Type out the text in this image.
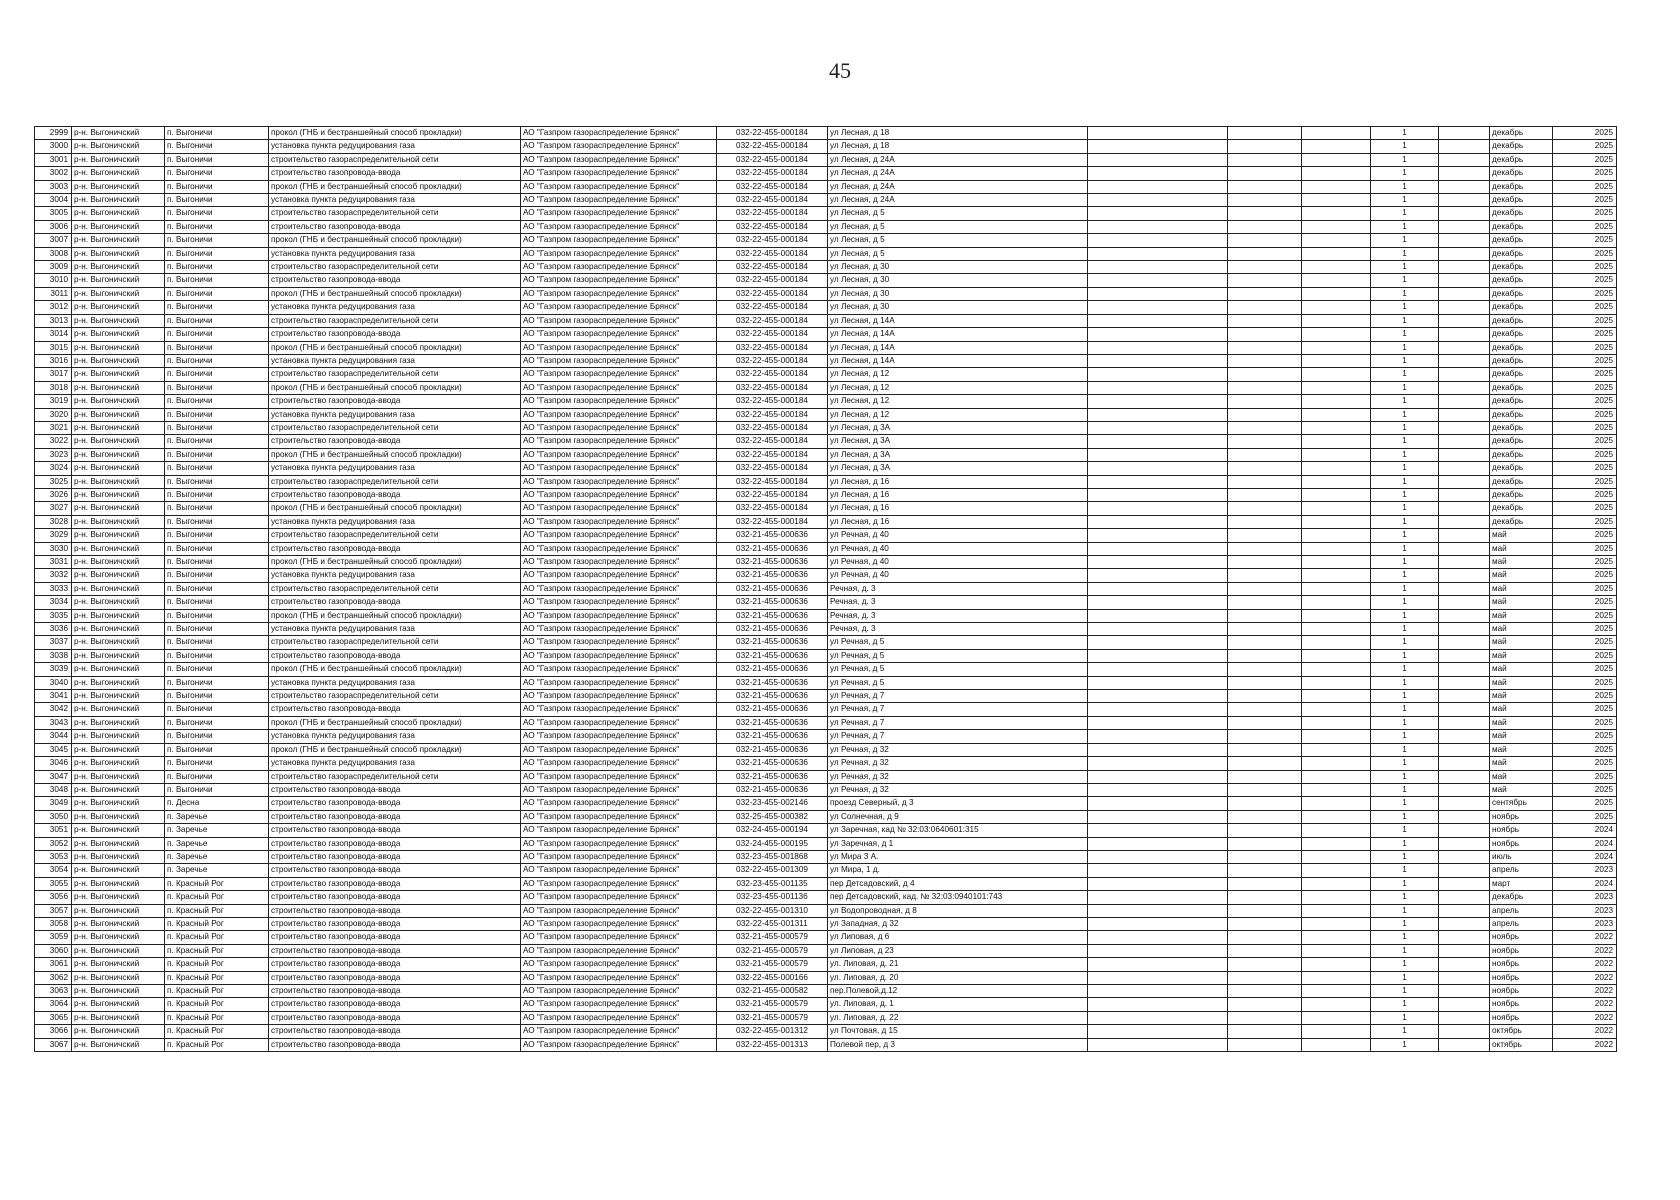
45
2999	р-н. Выгоничский	п. Выгоничи	прокол (ГНБ и бестраншейный способ прокладки)	АО "Газпром газораспределение Брянск"	032-22-455-000184	ул Лесная, д 18				1		декабрь	2025
3000	р-н. Выгоничский	п. Выгоничи	установка пункта редуцирования газа	АО "Газпром газораспределение Брянск"	032-22-455-000184	ул Лесная, д 18				1		декабрь	2025
3001	р-н. Выгоничский	п. Выгоничи	строительство газораспределительной сети	АО "Газпром газораспределение Брянск"	032-22-455-000184	ул Лесная, д 24А				1		декабрь	2025
3002	р-н. Выгоничский	п. Выгоничи	строительство газопровода-ввода	АО "Газпром газораспределение Брянск"	032-22-455-000184	ул Лесная, д 24А				1		декабрь	2025
3003	р-н. Выгоничский	п. Выгоничи	прокол (ГНБ и бестраншейный способ прокладки)	АО "Газпром газораспределение Брянск"	032-22-455-000184	ул Лесная, д 24А				1		декабрь	2025
3004	р-н. Выгоничский	п. Выгоничи	установка пункта редуцирования газа	АО "Газпром газораспределение Брянск"	032-22-455-000184	ул Лесная, д 24А				1		декабрь	2025
3005	р-н. Выгоничский	п. Выгоничи	строительство газораспределительной сети	АО "Газпром газораспределение Брянск"	032-22-455-000184	ул Лесная, д 5				1		декабрь	2025
3006	р-н. Выгоничский	п. Выгоничи	строительство газопровода-ввода	АО "Газпром газораспределение Брянск"	032-22-455-000184	ул Лесная, д 5				1		декабрь	2025
3007	р-н. Выгоничский	п. Выгоничи	прокол (ГНБ и бестраншейный способ прокладки)	АО "Газпром газораспределение Брянск"	032-22-455-000184	ул Лесная, д 5				1		декабрь	2025
3008	р-н. Выгоничский	п. Выгоничи	установка пункта редуцирования газа	АО "Газпром газораспределение Брянск"	032-22-455-000184	ул Лесная, д 5				1		декабрь	2025
3009	р-н. Выгоничский	п. Выгоничи	строительство газораспределительной сети	АО "Газпром газораспределение Брянск"	032-22-455-000184	ул Лесная, д 30				1		декабрь	2025
3010	р-н. Выгоничский	п. Выгоничи	строительство газопровода-ввода	АО "Газпром газораспределение Брянск"	032-22-455-000184	ул Лесная, д 30				1		декабрь	2025
3011	р-н. Выгоничский	п. Выгоничи	прокол (ГНБ и бестраншейный способ прокладки)	АО "Газпром газораспределение Брянск"	032-22-455-000184	ул Лесная, д 30				1		декабрь	2025
3012	р-н. Выгоничский	п. Выгоничи	установка пункта редуцирования газа	АО "Газпром газораспределение Брянск"	032-22-455-000184	ул Лесная, д 30				1		декабрь	2025
3013	р-н. Выгоничский	п. Выгоничи	строительство газораспределительной сети	АО "Газпром газораспределение Брянск"	032-22-455-000184	ул Лесная, д 14А				1		декабрь	2025
3014	р-н. Выгоничский	п. Выгоничи	строительство газопровода-ввода	АО "Газпром газораспределение Брянск"	032-22-455-000184	ул Лесная, д 14А				1		декабрь	2025
3015	р-н. Выгоничский	п. Выгоничи	прокол (ГНБ и бестраншейный способ прокладки)	АО "Газпром газораспределение Брянск"	032-22-455-000184	ул Лесная, д 14А				1		декабрь	2025
3016	р-н. Выгоничский	п. Выгоничи	установка пункта редуцирования газа	АО "Газпром газораспределение Брянск"	032-22-455-000184	ул Лесная, д 14А				1		декабрь	2025
3017	р-н. Выгоничский	п. Выгоничи	строительство газораспределительной сети	АО "Газпром газораспределение Брянск"	032-22-455-000184	ул Лесная, д 12				1		декабрь	2025
3018	р-н. Выгоничский	п. Выгоничи	прокол (ГНБ и бестраншейный способ прокладки)	АО "Газпром газораспределение Брянск"	032-22-455-000184	ул Лесная, д 12				1		декабрь	2025
3019	р-н. Выгоничский	п. Выгоничи	строительство газопровода-ввода	АО "Газпром газораспределение Брянск"	032-22-455-000184	ул Лесная, д 12				1		декабрь	2025
3020	р-н. Выгоничский	п. Выгоничи	установка пункта редуцирования газа	АО "Газпром газораспределение Брянск"	032-22-455-000184	ул Лесная, д 12				1		декабрь	2025
3021	р-н. Выгоничский	п. Выгоничи	строительство газораспределительной сети	АО "Газпром газораспределение Брянск"	032-22-455-000184	ул Лесная, д 3А				1		декабрь	2025
3022	р-н. Выгоничский	п. Выгоничи	строительство газопровода-ввода	АО "Газпром газораспределение Брянск"	032-22-455-000184	ул Лесная, д 3А				1		декабрь	2025
3023	р-н. Выгоничский	п. Выгоничи	прокол (ГНБ и бестраншейный способ прокладки)	АО "Газпром газораспределение Брянск"	032-22-455-000184	ул Лесная, д 3А				1		декабрь	2025
3024	р-н. Выгоничский	п. Выгоничи	установка пункта редуцирования газа	АО "Газпром газораспределение Брянск"	032-22-455-000184	ул Лесная, д 3А				1		декабрь	2025
3025	р-н. Выгоничский	п. Выгоничи	строительство газораспределительной сети	АО "Газпром газораспределение Брянск"	032-22-455-000184	ул Лесная, д 16				1		декабрь	2025
3026	р-н. Выгоничский	п. Выгоничи	строительство газопровода-ввода	АО "Газпром газораспределение Брянск"	032-22-455-000184	ул Лесная, д 16				1		декабрь	2025
3027	р-н. Выгоничский	п. Выгоничи	прокол (ГНБ и бестраншейный способ прокладки)	АО "Газпром газораспределение Брянск"	032-22-455-000184	ул Лесная, д 16				1		декабрь	2025
3028	р-н. Выгоничский	п. Выгоничи	установка пункта редуцирования газа	АО "Газпром газораспределение Брянск"	032-22-455-000184	ул Лесная, д 16				1		декабрь	2025
3029	р-н. Выгоничский	п. Выгоничи	строительство газораспределительной сети	АО "Газпром газораспределение Брянск"	032-21-455-000636	ул Речная, д 40				1		май	2025
3030	р-н. Выгоничский	п. Выгоничи	строительство газопровода-ввода	АО "Газпром газораспределение Брянск"	032-21-455-000636	ул Речная, д 40				1		май	2025
3031	р-н. Выгоничский	п. Выгоничи	прокол (ГНБ и бестраншейный способ прокладки)	АО "Газпром газораспределение Брянск"	032-21-455-000636	ул Речная, д 40				1		май	2025
3032	р-н. Выгоничский	п. Выгоничи	установка пункта редуцирования газа	АО "Газпром газораспределение Брянск"	032-21-455-000636	ул Речная, д 40				1		май	2025
3033	р-н. Выгоничский	п. Выгоничи	строительство газораспределительной сети	АО "Газпром газораспределение Брянск"	032-21-455-000636	Речная, д. 3				1		май	2025
3034	р-н. Выгоничский	п. Выгоничи	строительство газопровода-ввода	АО "Газпром газораспределение Брянск"	032-21-455-000636	Речная, д. 3				1		май	2025
3035	р-н. Выгоничский	п. Выгоничи	прокол (ГНБ и бестраншейный способ прокладки)	АО "Газпром газораспределение Брянск"	032-21-455-000636	Речная, д. 3				1		май	2025
3036	р-н. Выгоничский	п. Выгоничи	установка пункта редуцирования газа	АО "Газпром газораспределение Брянск"	032-21-455-000636	Речная, д. 3				1		май	2025
3037	р-н. Выгоничский	п. Выгоничи	строительство газораспределительной сети	АО "Газпром газораспределение Брянск"	032-21-455-000636	ул Речная, д 5				1		май	2025
3038	р-н. Выгоничский	п. Выгоничи	строительство газопровода-ввода	АО "Газпром газораспределение Брянск"	032-21-455-000636	ул Речная, д 5				1		май	2025
3039	р-н. Выгоничский	п. Выгоничи	прокол (ГНБ и бестраншейный способ прокладки)	АО "Газпром газораспределение Брянск"	032-21-455-000636	ул Речная, д 5				1		май	2025
3040	р-н. Выгоничский	п. Выгоничи	установка пункта редуцирования газа	АО "Газпром газораспределение Брянск"	032-21-455-000636	ул Речная, д 5				1		май	2025
3041	р-н. Выгоничский	п. Выгоничи	строительство газораспределительной сети	АО "Газпром газораспределение Брянск"	032-21-455-000636	ул Речная, д 7				1		май	2025
3042	р-н. Выгоничский	п. Выгоничи	строительство газопровода-ввода	АО "Газпром газораспределение Брянск"	032-21-455-000636	ул Речная, д 7				1		май	2025
3043	р-н. Выгоничский	п. Выгоничи	прокол (ГНБ и бестраншейный способ прокладки)	АО "Газпром газораспределение Брянск"	032-21-455-000636	ул Речная, д 7				1		май	2025
3044	р-н. Выгоничский	п. Выгоничи	установка пункта редуцирования газа	АО "Газпром газораспределение Брянск"	032-21-455-000636	ул Речная, д 7				1		май	2025
3045	р-н. Выгоничский	п. Выгоничи	прокол (ГНБ и бестраншейный способ прокладки)	АО "Газпром газораспределение Брянск"	032-21-455-000636	ул Речная, д 32				1		май	2025
3046	р-н. Выгоничский	п. Выгоничи	установка пункта редуцирования газа	АО "Газпром газораспределение Брянск"	032-21-455-000636	ул Речная, д 32				1		май	2025
3047	р-н. Выгоничский	п. Выгоничи	строительство газораспределительной сети	АО "Газпром газораспределение Брянск"	032-21-455-000636	ул Речная, д 32				1		май	2025
3048	р-н. Выгоничский	п. Выгоничи	строительство газопровода-ввода	АО "Газпром газораспределение Брянск"	032-21-455-000636	ул Речная, д 32				1		май	2025
3049	р-н. Выгоничский	п. Десна	строительство газопровода-ввода	АО "Газпром газораспределение Брянск"	032-23-455-002146	проезд Северный, д 3				1		сентябрь	2025
3050	р-н. Выгоничский	п. Заречье	строительство газопровода-ввода	АО "Газпром газораспределение Брянск"	032-25-455-000382	ул Солнечная, д 9				1		ноябрь	2025
3051	р-н. Выгоничский	п. Заречье	строительство газопровода-ввода	АО "Газпром газораспределение Брянск"	032-24-455-000194	ул Заречная, кад № 32:03:0640601:315				1		ноябрь	2024
3052	р-н. Выгоничский	п. Заречье	строительство газопровода-ввода	АО "Газпром газораспределение Брянск"	032-24-455-000195	ул Заречная, д 1				1		ноябрь	2024
3053	р-н. Выгоничский	п. Заречье	строительство газопровода-ввода	АО "Газпром газораспределение Брянск"	032-23-455-001868	ул Мира 3 А.				1		июль	2024
3054	р-н. Выгоничский	п. Заречье	строительство газопровода-ввода	АО "Газпром газораспределение Брянск"	032-22-455-001309	ул Мира, 1 д.				1		апрель	2023
3055	р-н. Выгоничский	п. Красный Рог	строительство газопровода-ввода	АО "Газпром газораспределение Брянск"	032-23-455-001135	пер Детсадовский, д 4				1		март	2024
3056	р-н. Выгоничский	п. Красный Рог	строительство газопровода-ввода	АО "Газпром газораспределение Брянск"	032-23-455-001136	пер Детсадовский, кад. № 32:03:0940101:743				1		декабрь	2023
3057	р-н. Выгоничский	п. Красный Рог	строительство газопровода-ввода	АО "Газпром газораспределение Брянск"	032-22-455-001310	ул Водопроводная, д 8				1		апрель	2023
3058	р-н. Выгоничский	п. Красный Рог	строительство газопровода-ввода	АО "Газпром газораспределение Брянск"	032-22-455-001311	ул Западная, д 32				1		апрель	2023
3059	р-н. Выгоничский	п. Красный Рог	строительство газопровода-ввода	АО "Газпром газораспределение Брянск"	032-21-455-000579	ул Липовая, д 6				1		ноябрь	2022
3060	р-н. Выгоничский	п. Красный Рог	строительство газопровода-ввода	АО "Газпром газораспределение Брянск"	032-21-455-000579	ул Липовая, д 23				1		ноябрь	2022
3061	р-н. Выгоничский	п. Красный Рог	строительство газопровода-ввода	АО "Газпром газораспределение Брянск"	032-21-455-000579	ул. Липовая, д. 21				1		ноябрь	2022
3062	р-н. Выгоничский	п. Красный Рог	строительство газопровода-ввода	АО "Газпром газораспределение Брянск"	032-22-455-000166	ул. Липовая, д. 20				1		ноябрь	2022
3063	р-н. Выгоничский	п. Красный Рог	строительство газопровода-ввода	АО "Газпром газораспределение Брянск"	032-21-455-000582	пер.Полевой,д.12				1		ноябрь	2022
3064	р-н. Выгоничский	п. Красный Рог	строительство газопровода-ввода	АО "Газпром газораспределение Брянск"	032-21-455-000579	ул. Липовая, д. 1				1		ноябрь	2022
3065	р-н. Выгоничский	п. Красный Рог	строительство газопровода-ввода	АО "Газпром газораспределение Брянск"	032-21-455-000579	ул. Липовая, д. 22				1		ноябрь	2022
3066	р-н. Выгоничский	п. Красный Рог	строительство газопровода-ввода	АО "Газпром газораспределение Брянск"	032-22-455-001312	ул Почтовая, д 15				1		октябрь	2022
3067	р-н. Выгоничский	п. Красный Рог	строительство газопровода-ввода	АО "Газпром газораспределение Брянск"	032-22-455-001313	Полевой пер, д 3				1		октябрь	2022
